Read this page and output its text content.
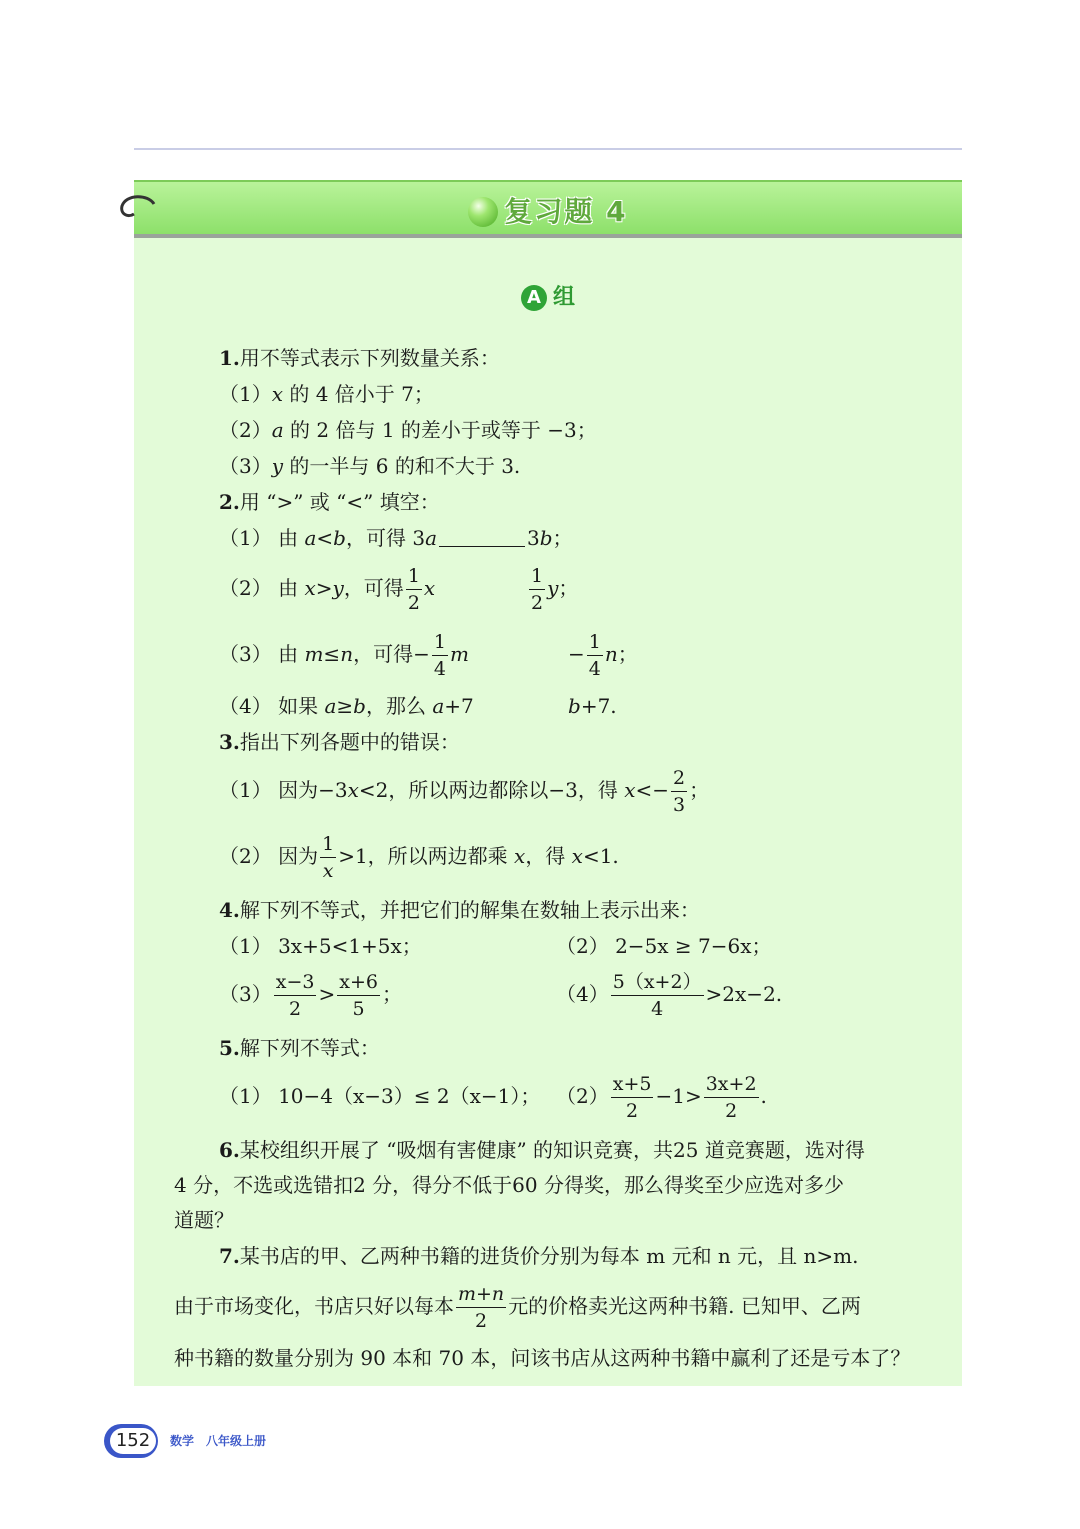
复习题 4
A 组
1.用不等式表示下列数量关系：
（1）x 的 4 倍小于 7；
（2）a 的 2 倍与 1 的差小于或等于 −3；
（3）y 的一半与 6 的和不大于 3.
2.用 “>” 或 “<” 填空：
（1） 由 a<b，可得 3a	3b；
（2） 由 x>y，可得 $\frac{1}{2}$ x	$\frac{1}{2}$ y；
（3） 由 m≤n，可得− $\frac{1}{4}$ m	− $\frac{1}{4}$ n；
（4） 如果 a≥b，那么 a+7	b+7.
3.指出下列各题中的错误：
（1） 因为−3x<2，所以两边都除以−3，得 $x<- \frac{2}{3}$ ；
（2） 因为 $\frac{1}{x} >1$，所以两边都乘 x，得 x<1.
4.解下列不等式，并把它们的解集在数轴上表示出来：
（1） 3x+5<1+5x；	（2） 2−5x ≥ 7−6x；
$(3) \frac{x-3}{2} > \frac{x+6}{5}$ ；	$(4) \frac{5(x+2)}{4} >2x-2$.
5.解下列不等式：
（1） 10−4（x−3）≤ 2（x−1）； $(2) \frac{x+5}{2} -1> \frac{3x+2}{2}$ .
6.某校组织开展了 “吸烟有害健康” 的知识竞赛，共25 道竞赛题，选对得
4 分，不选或选错扣2 分，得分不低于60 分得奖，那么得奖至少应选对多少
道题？
7.某书店的甲、乙两种书籍的进货价分别为每本 m 元和 n 元，且 n>m.
由于市场变化，书店只好以每本 $\frac{m+n}{2}$ 元的价格卖光这两种书籍. 已知甲、乙两
种书籍的数量分别为 90 本和 70 本，问该书店从这两种书籍中赢利了还是亏本了？
152	数学　八年级上册
